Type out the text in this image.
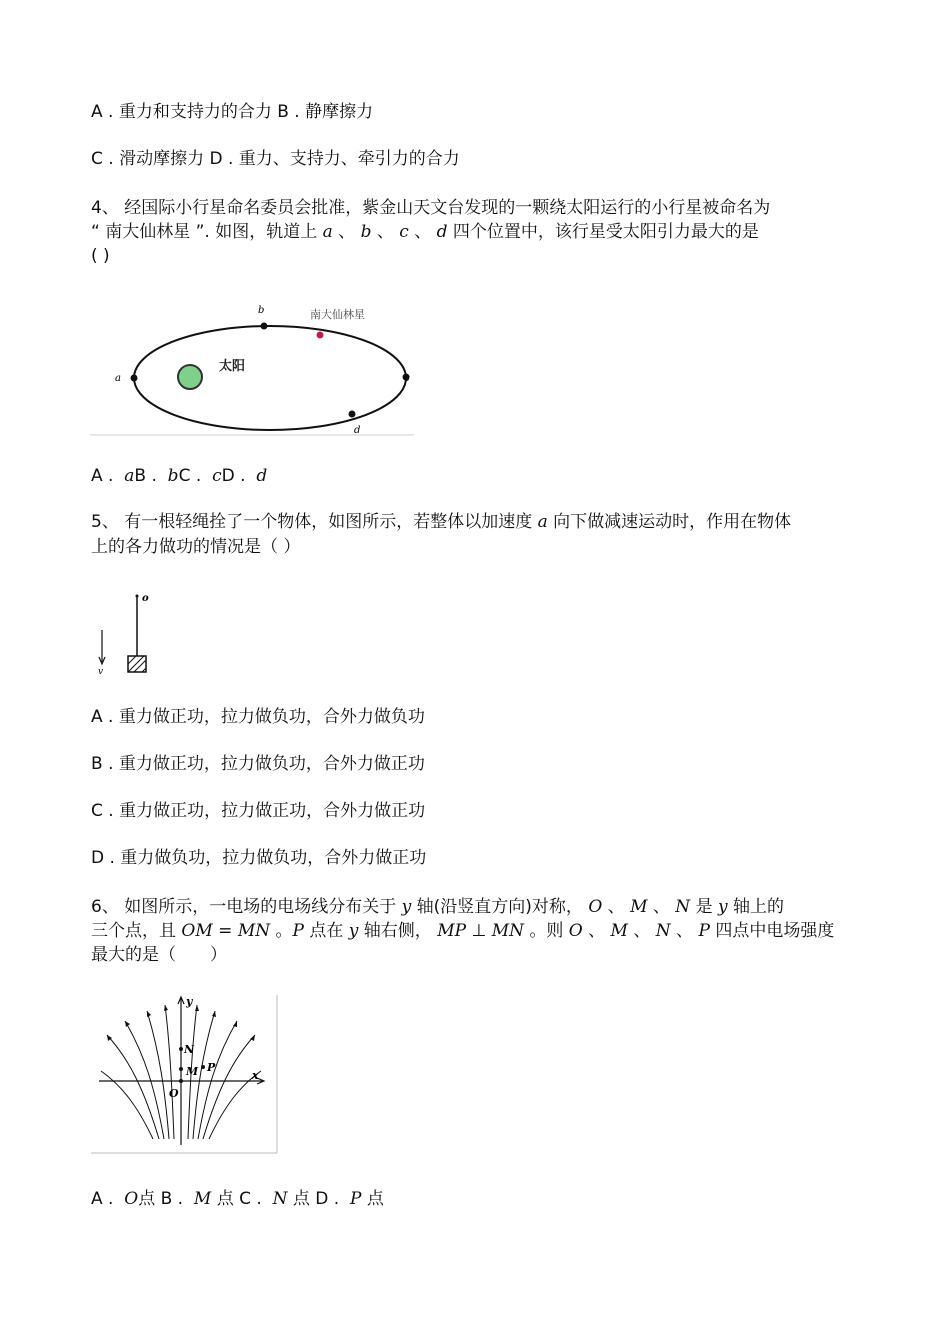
A . 重力和支持力的合力 B . 静摩擦力
C . 滑动摩擦力 D . 重力、支持力、牵引力的合力
4、 经国际小行星命名委员会批准，紫金山天文台发现的一颗绕太阳运行的小行星被命名为
“ 南大仙林星 ”. 如图，轨道上 a 、 b 、 c 、 d 四个位置中，该行星受太阳引力最大的是
( )
太阳
南大仙林星
a
b
c
d
A .  aB .  bC .  cD .  d
5、 有一根轻绳拴了一个物体，如图所示，若整体以加速度 a 向下做减速运动时，作用在物体
上的各力做功的情况是（ ）
o
v
A . 重力做正功，拉力做负功，合外力做负功
B . 重力做正功，拉力做负功，合外力做正功
C . 重力做正功，拉力做正功，合外力做正功
D . 重力做负功，拉力做负功，合外力做正功
6、 如图所示，一电场的电场线分布关于 y 轴(沿竖直方向)对称， O 、 M 、 N 是 y 轴上的
三个点，且 OM = MN 。P 点在 y 轴右侧， MP ⊥ MN 。则 O 、 M 、 N 、 P 四点中电场强度
最大的是（　　）
y
x
N
M P
O
A .  O点 B .  M 点 C .  N 点 D .  P 点
